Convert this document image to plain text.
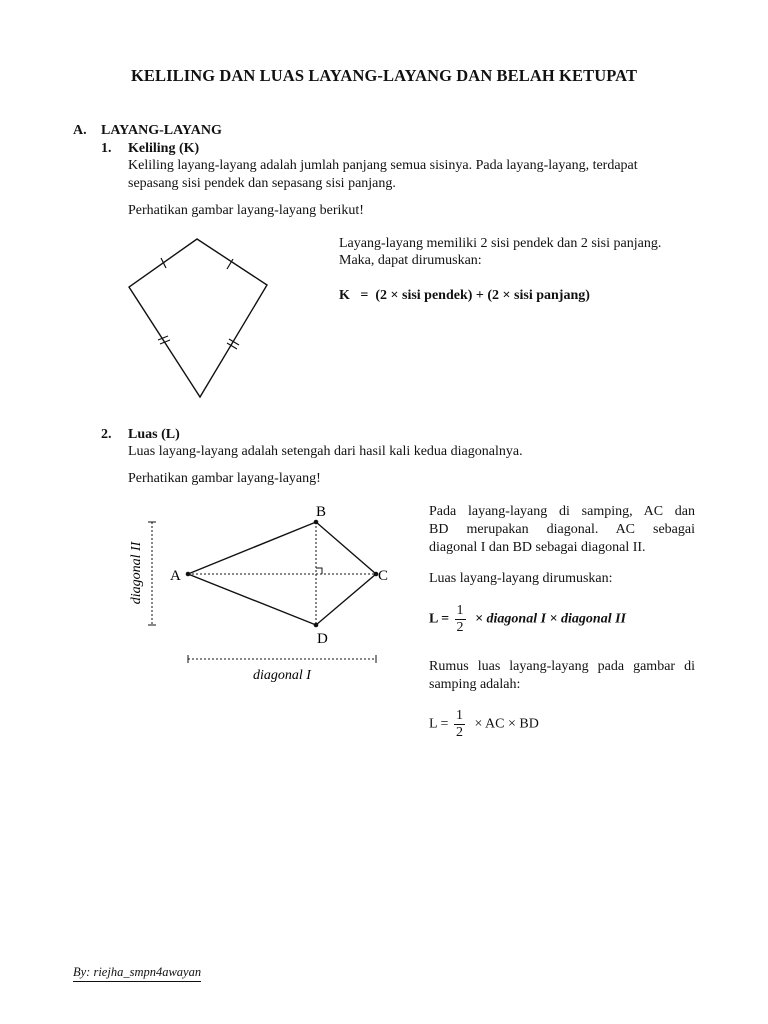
KELILING DAN LUAS LAYANG-LAYANG DAN BELAH KETUPAT
A. LAYANG-LAYANG
1. Keliling (K)
Keliling layang-layang adalah jumlah panjang semua sisinya. Pada layang-layang, terdapat
sepasang sisi pendek dan sepasang sisi panjang.
Perhatikan gambar layang-layang berikut!
Layang-layang memiliki 2 sisi pendek dan 2 sisi panjang.
Maka, dapat dirumuskan:
K   =  (2 × sisi pendek) + (2 × sisi panjang)
2. Luas (L)
Luas layang-layang adalah setengah dari hasil kali kedua diagonalnya.
Perhatikan gambar layang-layang!
A
B
C
D
diagonal II
diagonal I
Pada layang-layang di samping, AC dan
BD merupakan diagonal. AC sebagai
diagonal I dan BD sebagai diagonal II.
Luas layang-layang dirumuskan:
$L = \frac{1}{2}$ × diagonal I × diagonal II
Rumus luas layang-layang pada gambar di
samping adalah:
$L = \frac{1}{2}$ × AC × BD
By: riejha_smpn4awayan
